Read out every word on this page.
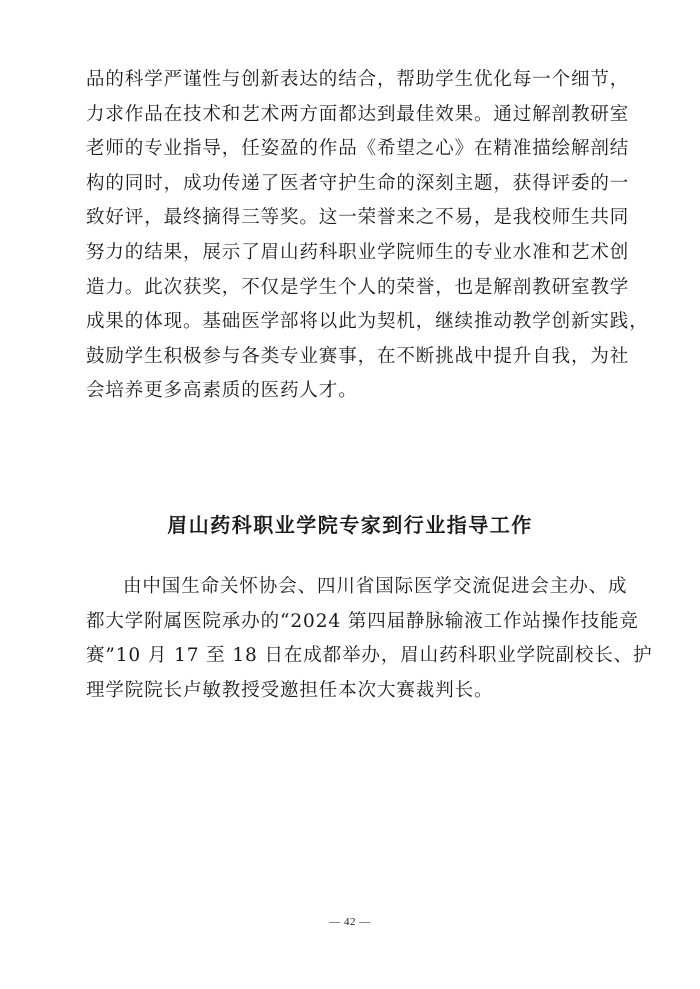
品的科学严谨性与创新表达的结合，帮助学生优化每一个细节，
力求作品在技术和艺术两方面都达到最佳效果。通过解剖教研室
老师的专业指导，任姿盈的作品《希望之心》在精准描绘解剖结
构的同时，成功传递了医者守护生命的深刻主题，获得评委的一
致好评，最终摘得三等奖。这一荣誉来之不易，是我校师生共同
努力的结果，展示了眉山药科职业学院师生的专业水准和艺术创
造力。此次获奖，不仅是学生个人的荣誉，也是解剖教研室教学
成果的体现。基础医学部将以此为契机，继续推动教学创新实践，
鼓励学生积极参与各类专业赛事，在不断挑战中提升自我，为社
会培养更多高素质的医药人才。
眉山药科职业学院专家到行业指导工作
由中国生命关怀协会、四川省国际医学交流促进会主办、成
都大学附属医院承办的“2024 第四届静脉输液工作站操作技能竞
赛”10 月 17 至 18 日在成都举办，眉山药科职业学院副校长、护
理学院院长卢敏教授受邀担任本次大赛裁判长。
— 42 —
